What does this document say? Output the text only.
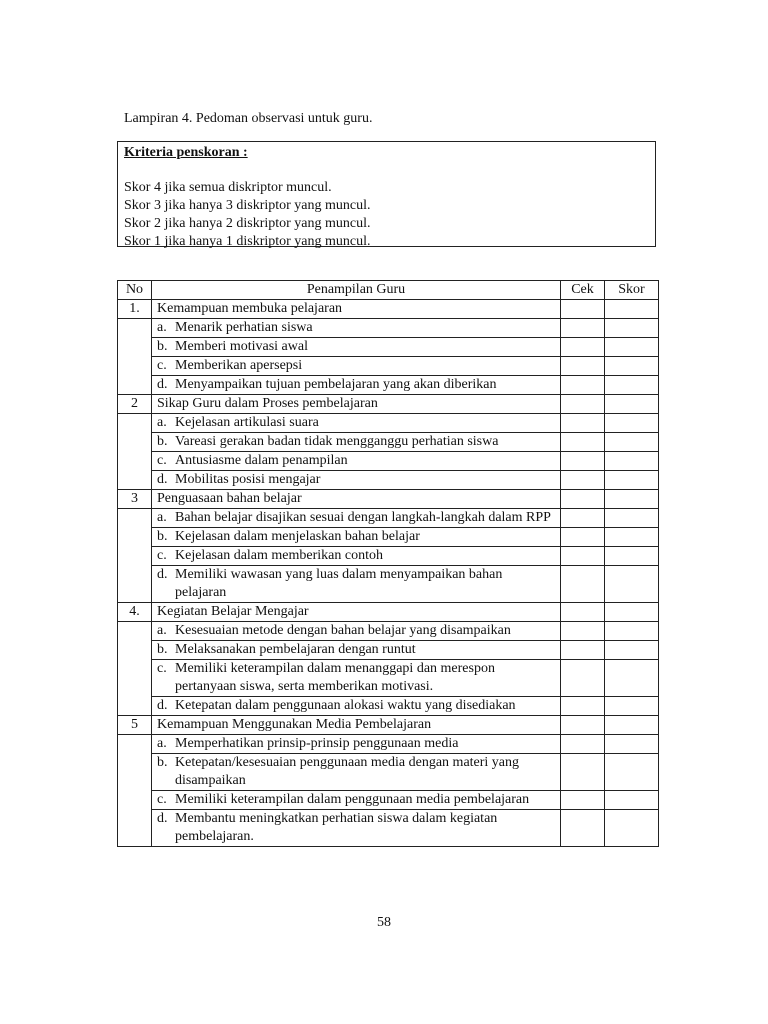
Lampiran 4. Pedoman observasi untuk guru.
Kriteria penskoran :
Skor 4 jika semua diskriptor muncul.
Skor 3 jika hanya 3 diskriptor yang muncul.
Skor 2 jika hanya 2 diskriptor yang muncul.
Skor 1 jika hanya 1 diskriptor yang muncul.
No	Penampilan Guru	Cek	Skor
1.	Kemampuan membuka pelajaran		

	a. Menarik perhatian siswa		

	b. Memberi motivasi awal		

	c. Memberikan apersepsi		

	d. Menyampaikan tujuan pembelajaran yang akan diberikan		

2	Sikap Guru dalam Proses pembelajaran		

	a. Kejelasan artikulasi suara		

	b. Vareasi gerakan badan tidak mengganggu perhatian siswa		

	c. Antusiasme dalam penampilan		

	d. Mobilitas posisi mengajar		

3	Penguasaan bahan belajar		

	a. Bahan belajar disajikan sesuai dengan langkah-langkah dalam RPP		

	b. Kejelasan dalam menjelaskan bahan belajar		

	c. Kejelasan dalam memberikan contoh		

	d. Memiliki wawasan yang luas dalam menyampaikan bahan pelajaran		

4.	Kegiatan Belajar Mengajar		

	a. Kesesuaian metode dengan bahan belajar yang disampaikan		

	b. Melaksanakan pembelajaran dengan runtut		

	c. Memiliki keterampilan dalam menanggapi dan merespon pertanyaan siswa, serta memberikan motivasi.		

	d. Ketepatan dalam penggunaan alokasi waktu yang disediakan		

5	Kemampuan Menggunakan Media Pembelajaran		

	a. Memperhatikan prinsip-prinsip penggunaan media		

	b. Ketepatan/kesesuaian penggunaan media dengan materi yang disampaikan		

	c. Memiliki keterampilan dalam penggunaan media pembelajaran		

	d. Membantu meningkatkan perhatian siswa dalam kegiatan pembelajaran.		

58
